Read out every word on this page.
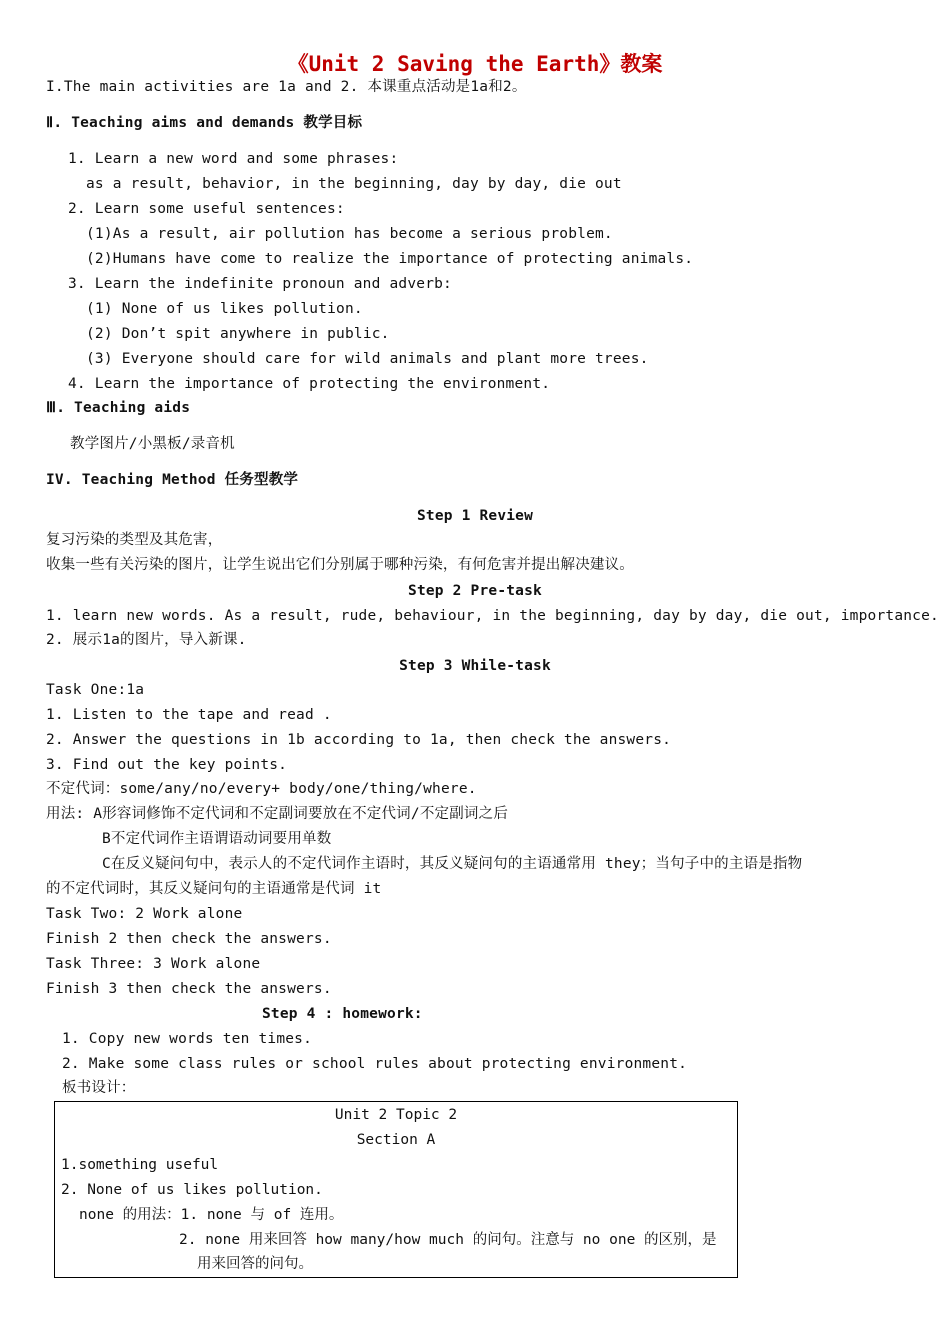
《Unit 2 Saving the Earth》教案
I.The main activities are 1a and 2. 本课重点活动是1a和2。
Ⅱ. Teaching aims and demands 教学目标
1. Learn a new word and some phrases:
as a result, behavior, in the beginning, day by day, die out
2. Learn some useful sentences:
(1)As a result, air pollution has become a serious problem.
(2)Humans have come to realize the importance of protecting animals.
3. Learn the indefinite pronoun and adverb:
(1) None of us likes pollution.
(2) Don’t spit anywhere in public.
(3) Everyone should care for wild animals and plant more trees.
4. Learn the importance of protecting the environment.
Ⅲ. Teaching aids
教学图片/小黑板/录音机
IV. Teaching Method 任务型教学
Step 1 Review
复习污染的类型及其危害，
收集一些有关污染的图片，让学生说出它们分别属于哪种污染，有何危害并提出解决建议。
Step 2 Pre-task
1. learn new words. As a result, rude, behaviour, in the beginning, day by day, die out, importance.
2. 展示1a的图片，导入新课.
Step 3 While-task
Task One:1a
1. Listen to the tape and read .
2. Answer the questions in 1b according to 1a, then check the answers.
3. Find out the key points.
不定代词：some/any/no/every+ body/one/thing/where.
用法: A形容词修饰不定代词和不定副词要放在不定代词/不定副词之后
B不定代词作主语谓语动词要用单数
C在反义疑问句中，表示人的不定代词作主语时，其反义疑问句的主语通常用 they；当句子中的主语是指物
的不定代词时，其反义疑问句的主语通常是代词 it
Task Two: 2 Work alone
Finish 2 then check the answers.
Task Three: 3 Work alone
Finish 3 then check the answers.
Step 4 : homework:
1. Copy new words ten times.
2. Make some class rules or school rules about protecting environment.
板书设计：
Unit 2 Topic 2
Section A
1.something useful
2. None of us likes pollution.
none 的用法：1. none 与 of 连用。
2. none 用来回答 how many/how much 的问句。注意与 no one 的区别，是
用来回答的问句。
